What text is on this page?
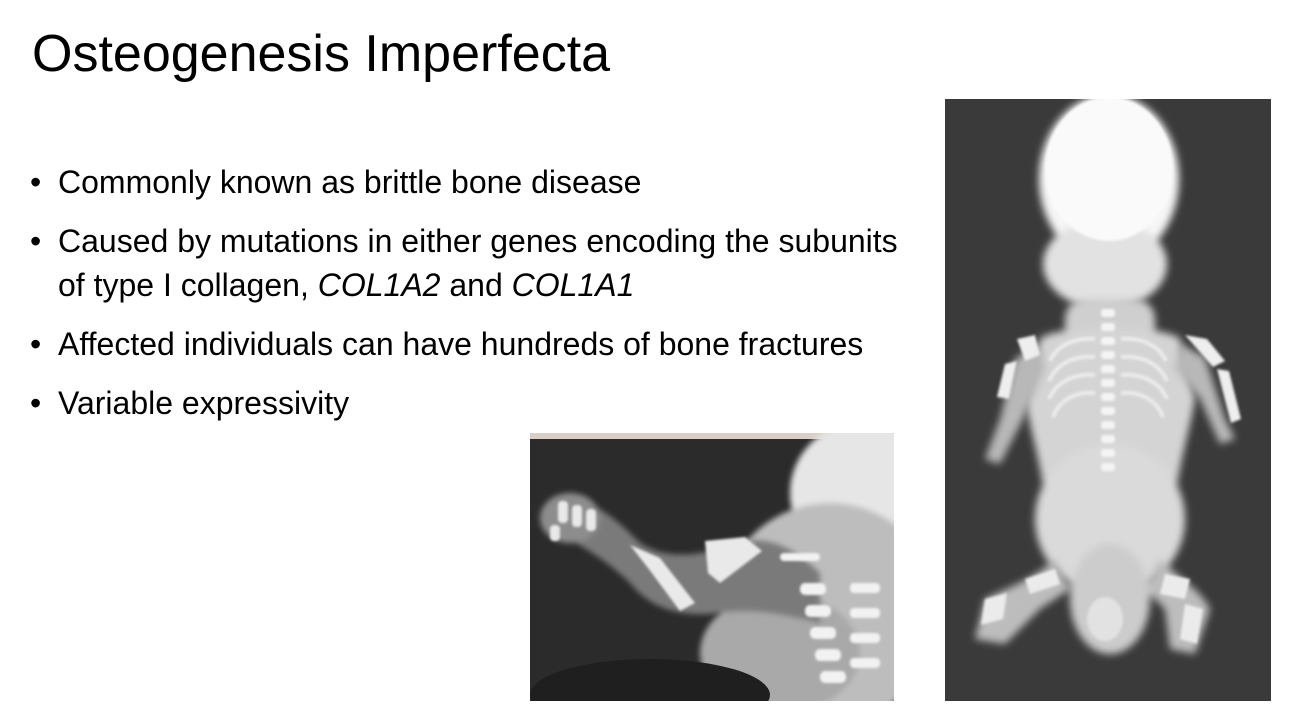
Osteogenesis Imperfecta
• Commonly known as brittle bone disease
• Caused by mutations in either genes encoding the subunits of type I collagen, COL1A2 and COL1A1
• Affected individuals can have hundreds of bone fractures
• Variable expressivity
